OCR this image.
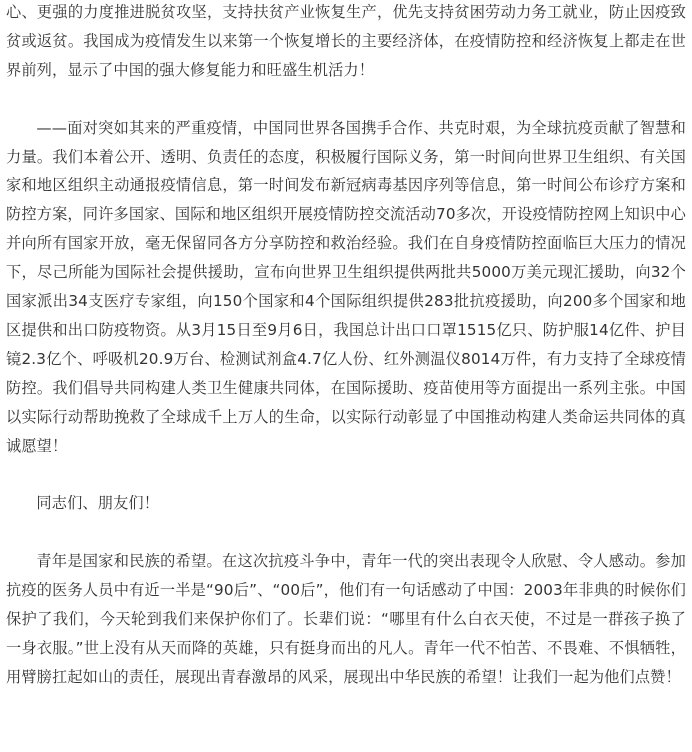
心、更强的力度推进脱贫攻坚，支持扶贫产业恢复生产，优先支持贫困劳动力务工就业，防止因疫致贫或返贫。我国成为疫情发生以来第一个恢复增长的主要经济体，在疫情防控和经济恢复上都走在世界前列，显示了中国的强大修复能力和旺盛生机活力！

——面对突如其来的严重疫情，中国同世界各国携手合作、共克时艰，为全球抗疫贡献了智慧和力量。我们本着公开、透明、负责任的态度，积极履行国际义务，第一时间向世界卫生组织、有关国家和地区组织主动通报疫情信息，第一时间发布新冠病毒基因序列等信息，第一时间公布诊疗方案和防控方案，同许多国家、国际和地区组织开展疫情防控交流活动70多次，开设疫情防控网上知识中心并向所有国家开放，毫无保留同各方分享防控和救治经验。我们在自身疫情防控面临巨大压力的情况下，尽己所能为国际社会提供援助，宣布向世界卫生组织提供两批共5000万美元现汇援助，向32个国家派出34支医疗专家组，向150个国家和4个国际组织提供283批抗疫援助，向200多个国家和地区提供和出口防疫物资。从3月15日至9月6日，我国总计出口口罩1515亿只、防护服14亿件、护目镜2.3亿个、呼吸机20.9万台、检测试剂盒4.7亿人份、红外测温仪8014万件，有力支持了全球疫情防控。我们倡导共同构建人类卫生健康共同体，在国际援助、疫苗使用等方面提出一系列主张。中国以实际行动帮助挽救了全球成千上万人的生命，以实际行动彰显了中国推动构建人类命运共同体的真诚愿望！

同志们、朋友们！

青年是国家和民族的希望。在这次抗疫斗争中，青年一代的突出表现令人欣慰、令人感动。参加抗疫的医务人员中有近一半是“90后”、“00后”，他们有一句话感动了中国：2003年非典的时候你们保护了我们，今天轮到我们来保护你们了。长辈们说：“哪里有什么白衣天使，不过是一群孩子换了一身衣服。”世上没有从天而降的英雄，只有挺身而出的凡人。青年一代不怕苦、不畏难、不惧牺牲，用臂膀扛起如山的责任，展现出青春激昂的风采，展现出中华民族的希望！让我们一起为他们点赞！
